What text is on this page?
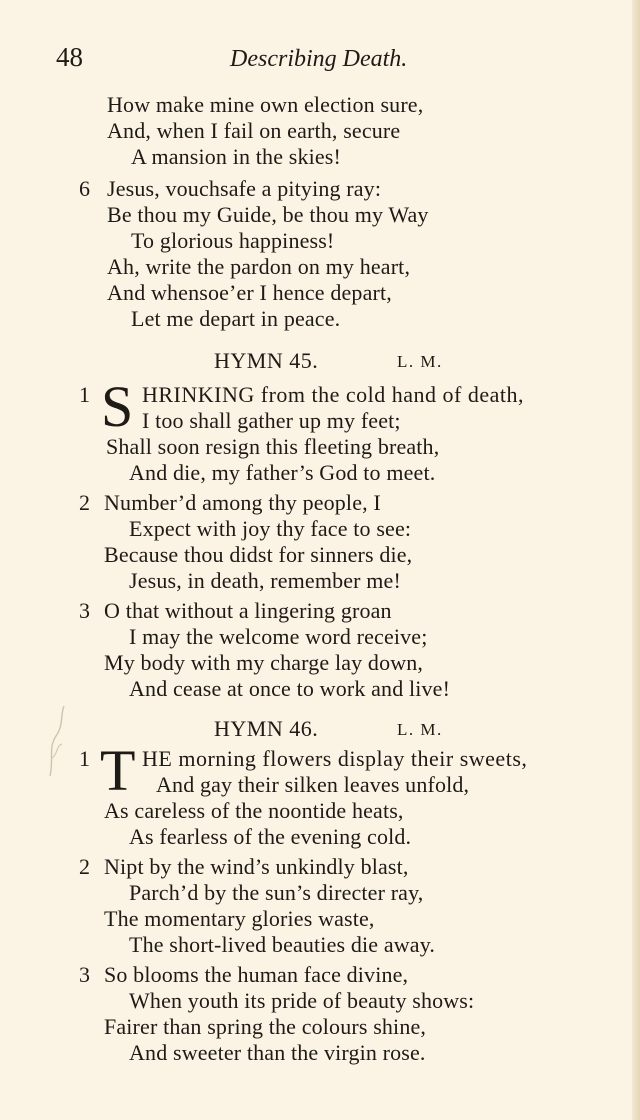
48	Describing Death.
How make mine own election sure,
And, when I fail on earth, secure
A mansion in the skies!
6 Jesus, vouchsafe a pitying ray:
Be thou my Guide, be thou my Way
To glorious happiness!
Ah, write the pardon on my heart,
And whensoe’er I hence depart,
Let me depart in peace.
HYMN 45.	L. M.
1 S HRINKING from the cold hand of death,
I too shall gather up my feet;
Shall soon resign this fleeting breath,
And die, my father’s God to meet.
2 Number’d among thy people, I
Expect with joy thy face to see:
Because thou didst for sinners die,
Jesus, in death, remember me!
3 O that without a lingering groan
I may the welcome word receive;
My body with my charge lay down,
And cease at once to work and live!
HYMN 46.	L. M.
1 T HE morning flowers display their sweets,
And gay their silken leaves unfold,
As careless of the noontide heats,
As fearless of the evening cold.
2 Nipt by the wind’s unkindly blast,
Parch’d by the sun’s directer ray,
The momentary glories waste,
The short-lived beauties die away.
3 So blooms the human face divine,
When youth its pride of beauty shows:
Fairer than spring the colours shine,
And sweeter than the virgin rose.
